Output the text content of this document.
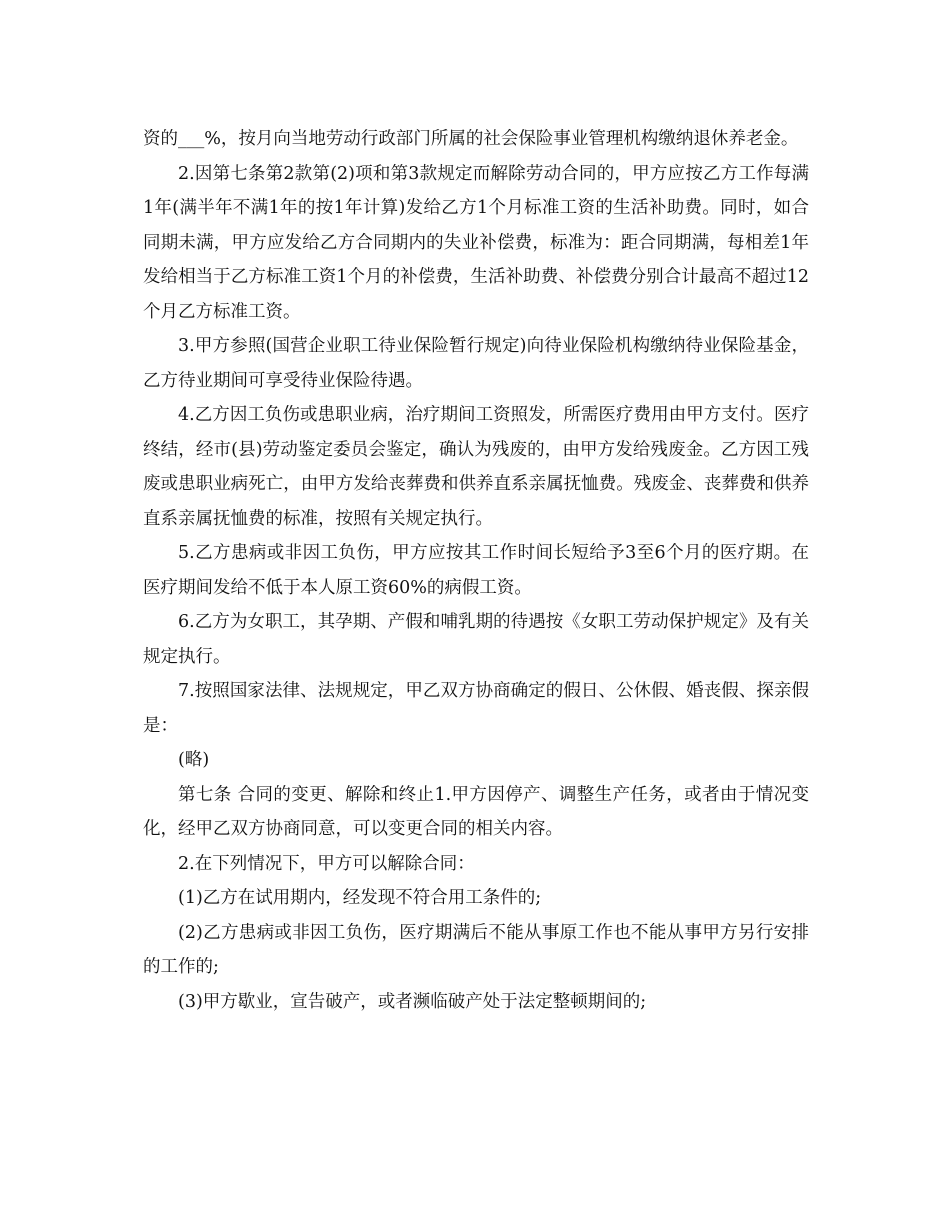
资的___%，按月向当地劳动行政部门所属的社会保险事业管理机构缴纳退休养老金。

2.因第七条第2款第(2)项和第3款规定而解除劳动合同的，甲方应按乙方工作每满1年(满半年不满1年的按1年计算)发给乙方1个月标准工资的生活补助费。同时，如合同期未满，甲方应发给乙方合同期内的失业补偿费，标准为：距合同期满，每相差1年发给相当于乙方标准工资1个月的补偿费，生活补助费、补偿费分别合计最高不超过12个月乙方标准工资。

3.甲方参照(国营企业职工待业保险暂行规定)向待业保险机构缴纳待业保险基金，乙方待业期间可享受待业保险待遇。

4.乙方因工负伤或患职业病，治疗期间工资照发，所需医疗费用由甲方支付。医疗终结，经市(县)劳动鉴定委员会鉴定，确认为残废的，由甲方发给残废金。乙方因工残废或患职业病死亡，由甲方发给丧葬费和供养直系亲属抚恤费。残废金、丧葬费和供养直系亲属抚恤费的标准，按照有关规定执行。

5.乙方患病或非因工负伤，甲方应按其工作时间长短给予3至6个月的医疗期。在医疗期间发给不低于本人原工资60%的病假工资。

6.乙方为女职工，其孕期、产假和哺乳期的待遇按《女职工劳动保护规定》及有关规定执行。

7.按照国家法律、法规规定，甲乙双方协商确定的假日、公休假、婚丧假、探亲假是：

(略)

第七条 合同的变更、解除和终止1.甲方因停产、调整生产任务，或者由于情况变化，经甲乙双方协商同意，可以变更合同的相关内容。

2.在下列情况下，甲方可以解除合同：

(1)乙方在试用期内，经发现不符合用工条件的;

(2)乙方患病或非因工负伤，医疗期满后不能从事原工作也不能从事甲方另行安排的工作的;

(3)甲方歇业，宣告破产，或者濒临破产处于法定整顿期间的;
